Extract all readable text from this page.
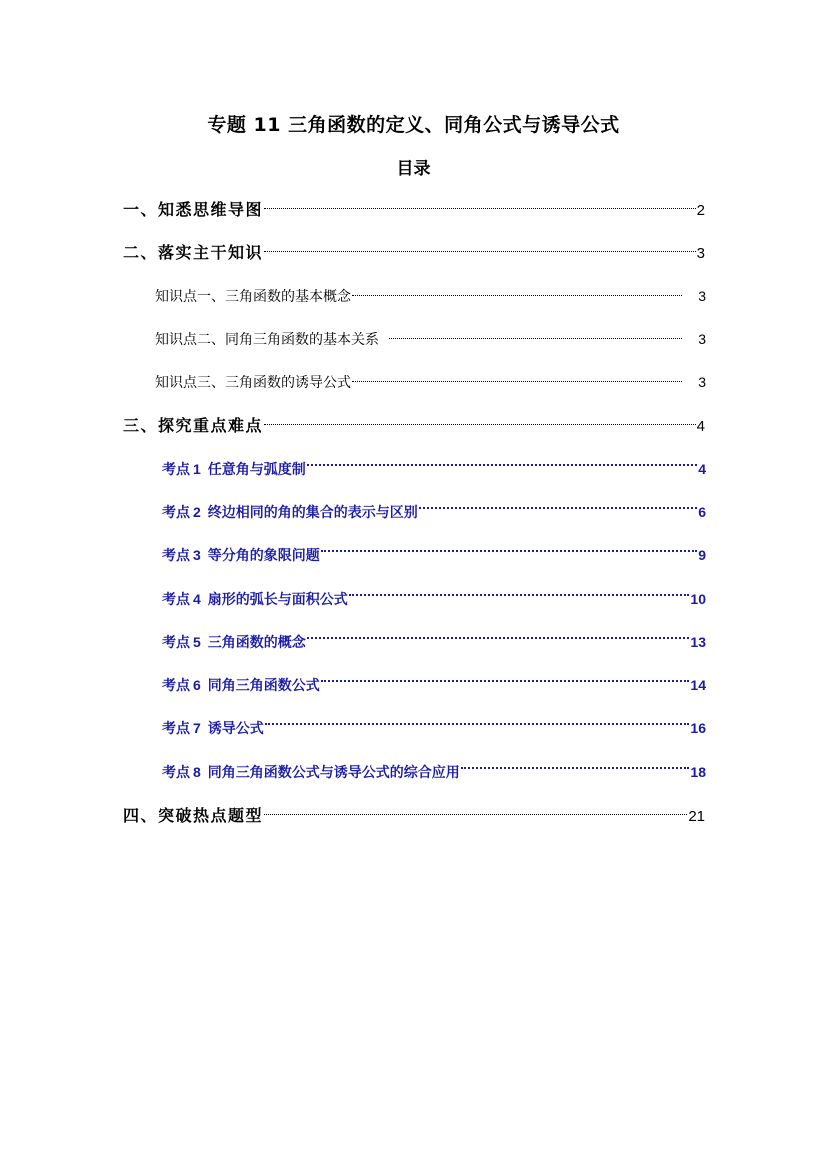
专题 11 三角函数的定义、同角公式与诱导公式
目录
一、知悉思维导图	2
二、落实主干知识	3
知识点一、三角函数的基本概念	3
知识点二、同角三角函数的基本关系	3
知识点三、三角函数的诱导公式	3
三、探究重点难点	4
考点 1 任意角与弧度制	4
考点 2 终边相同的角的集合的表示与区别	6
考点 3 等分角的象限问题	9
考点 4 扇形的弧长与面积公式	10
考点 5 三角函数的概念	13
考点 6 同角三角函数公式	14
考点 7 诱导公式	16
考点 8 同角三角函数公式与诱导公式的综合应用	18
四、突破热点题型	21
